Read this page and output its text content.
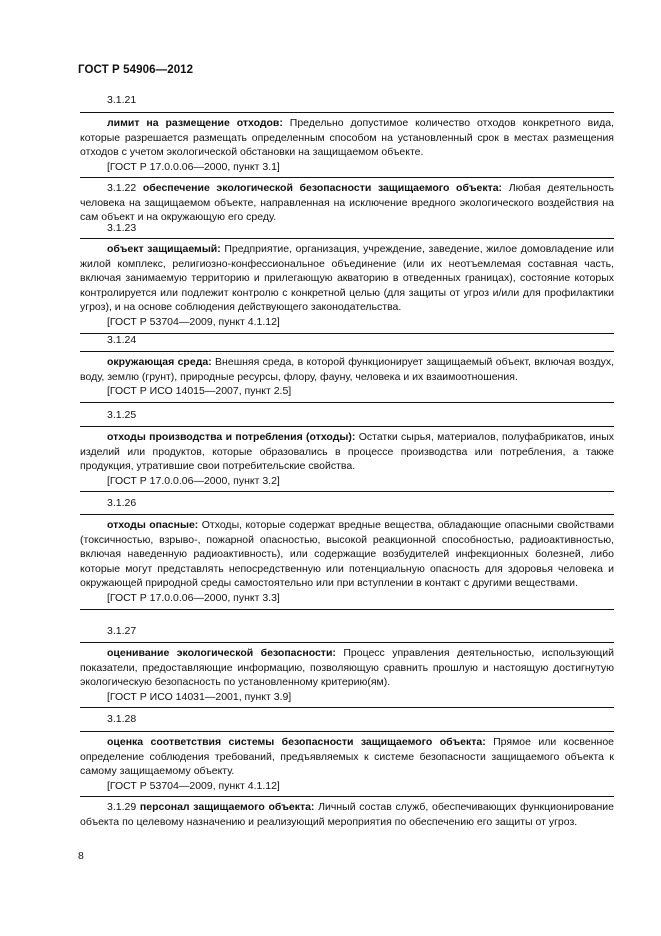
ГОСТ Р 54906—2012
3.1.21

лимит на размещение отходов: Предельно допустимое количество отходов конкретного вида, которые разрешается размещать определенным способом на установленный срок в местах размещения отходов с учетом экологической обстановки на защищаемом объекте.

[ГОСТ Р 17.0.0.06—2000, пункт 3.1]

3.1.22 обеспечение экологической безопасности защищаемого объекта: Любая деятельность человека на защищаемом объекте, направленная на исключение вредного экологического воздействия на сам объект и на окружающую его среду.

3.1.23

объект защищаемый: Предприятие, организация, учреждение, заведение, жилое домовладение или жилой комплекс, религиозно-конфессиональное объединение (или их неотъемлемая составная часть, включая занимаемую территорию и прилегающую акваторию в отведенных границах), состояние которых контролируется или подлежит контролю с конкретной целью (для защиты от угроз и/или для профилактики угроз), и на основе соблюдения действующего законодательства.

[ГОСТ Р 53704—2009, пункт 4.1.12]

3.1.24

окружающая среда: Внешняя среда, в которой функционирует защищаемый объект, включая воздух, воду, землю (грунт), природные ресурсы, флору, фауну, человека и их взаимоотношения.

[ГОСТ Р ИСО 14015—2007, пункт 2.5]

3.1.25

отходы производства и потребления (отходы): Остатки сырья, материалов, полуфабрикатов, иных изделий или продуктов, которые образовались в процессе производства или потребления, а также продукция, утратившие свои потребительские свойства.

[ГОСТ Р 17.0.0.06—2000, пункт 3.2]

3.1.26

отходы опасные: Отходы, которые содержат вредные вещества, обладающие опасными свойствами (токсичностью, взрыво-, пожарной опасностью, высокой реакционной способностью, радиоактивностью, включая наведенную радиоактивность), или содержащие возбудителей инфекционных болезней, либо которые могут представлять непосредственную или потенциальную опасность для здоровья человека и окружающей природной среды самостоятельно или при вступлении в контакт с другими веществами.

[ГОСТ Р 17.0.0.06—2000, пункт 3.3]

3.1.27

оценивание экологической безопасности: Процесс управления деятельностью, использующий показатели, предоставляющие информацию, позволяющую сравнить прошлую и настоящую достигнутую экологическую безопасность по установленному критерию(ям).

[ГОСТ Р ИСО 14031—2001, пункт 3.9]

3.1.28

оценка соответствия системы безопасности защищаемого объекта: Прямое или косвенное определение соблюдения требований, предъявляемых к системе безопасности защищаемого объекта к самому защищаемому объекту.

[ГОСТ Р 53704—2009, пункт 4.1.12]

3.1.29 персонал защищаемого объекта: Личный состав служб, обеспечивающих функционирование объекта по целевому назначению и реализующий мероприятия по обеспечению его защиты от угроз.

8
